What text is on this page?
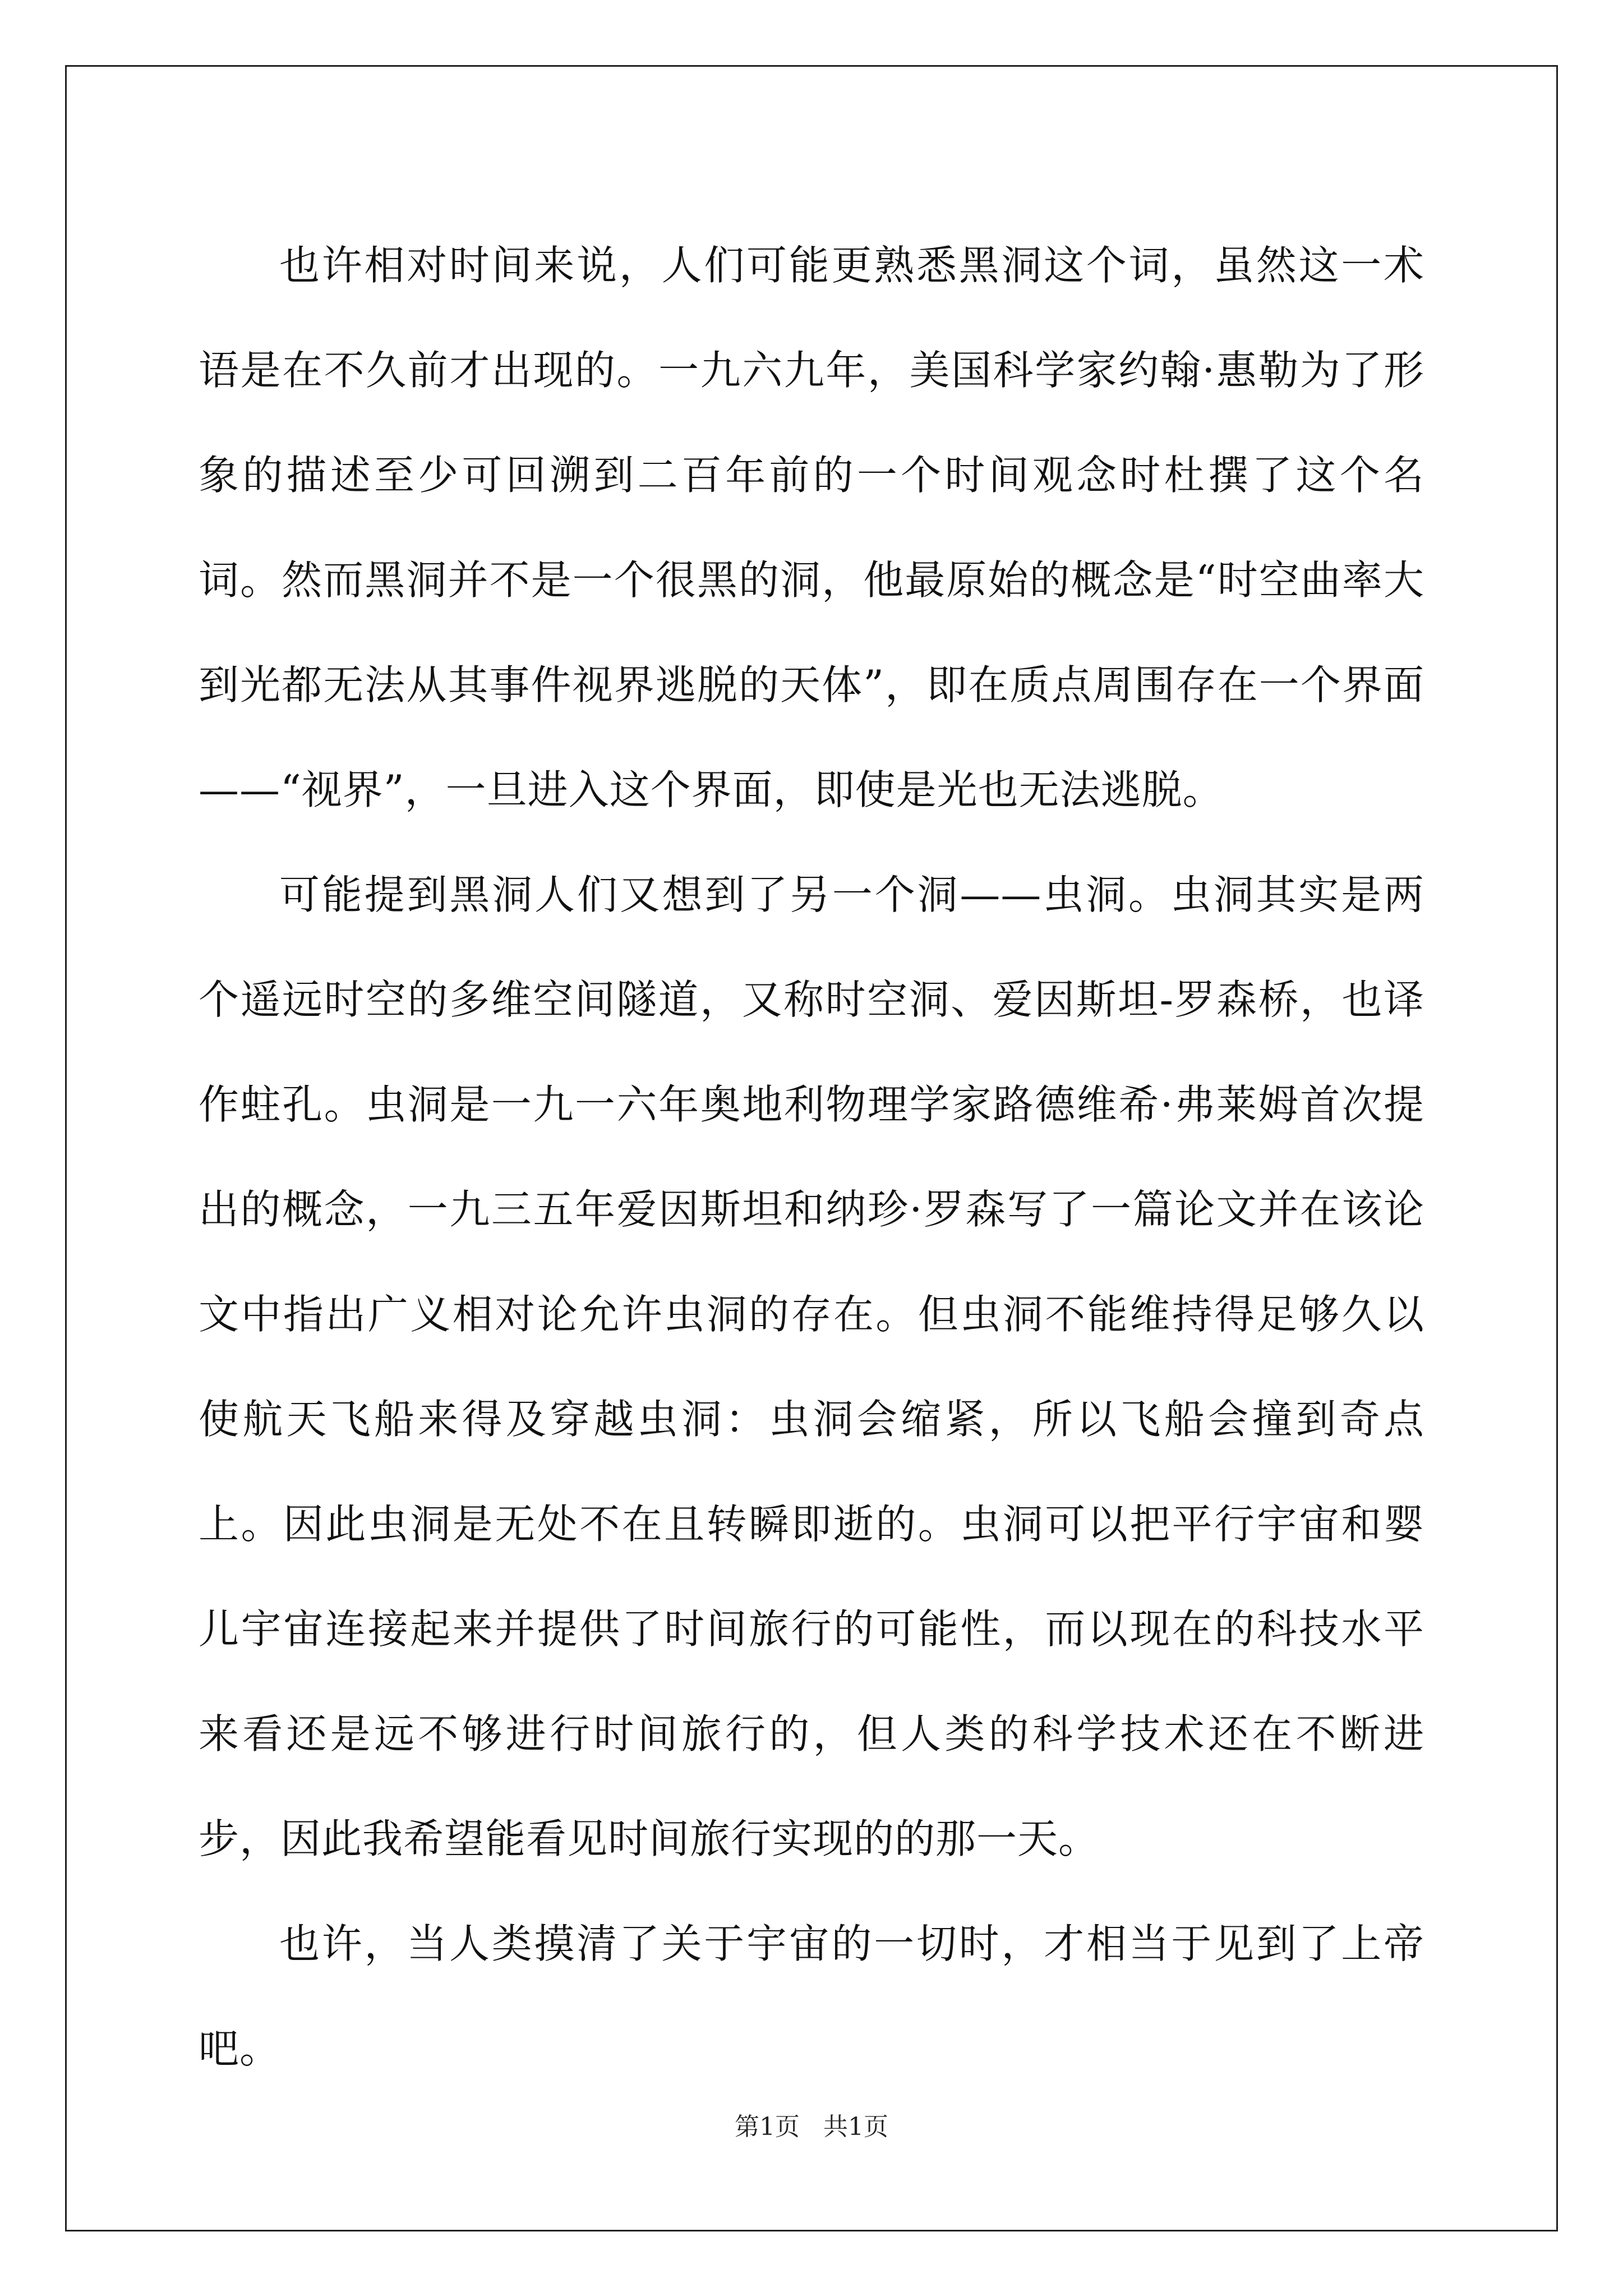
也许相对时间来说，人们可能更熟悉黑洞这个词，虽然这一术语是在不久前才出现的。一九六九年，美国科学家约翰·惠勒为了形象的描述至少可回溯到二百年前的一个时间观念时杜撰了这个名词。然而黑洞并不是一个很黑的洞，他最原始的概念是“时空曲率大到光都无法从其事件视界逃脱的天体”，即在质点周围存在一个界面——“视界”，一旦进入这个界面，即使是光也无法逃脱。

可能提到黑洞人们又想到了另一个洞——虫洞。虫洞其实是两个遥远时空的多维空间隧道，又称时空洞、爱因斯坦-罗森桥，也译作蛀孔。虫洞是一九一六年奥地利物理学家路德维希·弗莱姆首次提出的概念，一九三五年爱因斯坦和纳珍·罗森写了一篇论文并在该论文中指出广义相对论允许虫洞的存在。但虫洞不能维持得足够久以使航天飞船来得及穿越虫洞：虫洞会缩紧，所以飞船会撞到奇点上。因此虫洞是无处不在且转瞬即逝的。虫洞可以把平行宇宙和婴儿宇宙连接起来并提供了时间旅行的可能性，而以现在的科技水平来看还是远不够进行时间旅行的，但人类的科学技术还在不断进步，因此我希望能看见时间旅行实现的的那一天。

也许，当人类摸清了关于宇宙的一切时，才相当于见到了上帝吧。

第1页 共1页
